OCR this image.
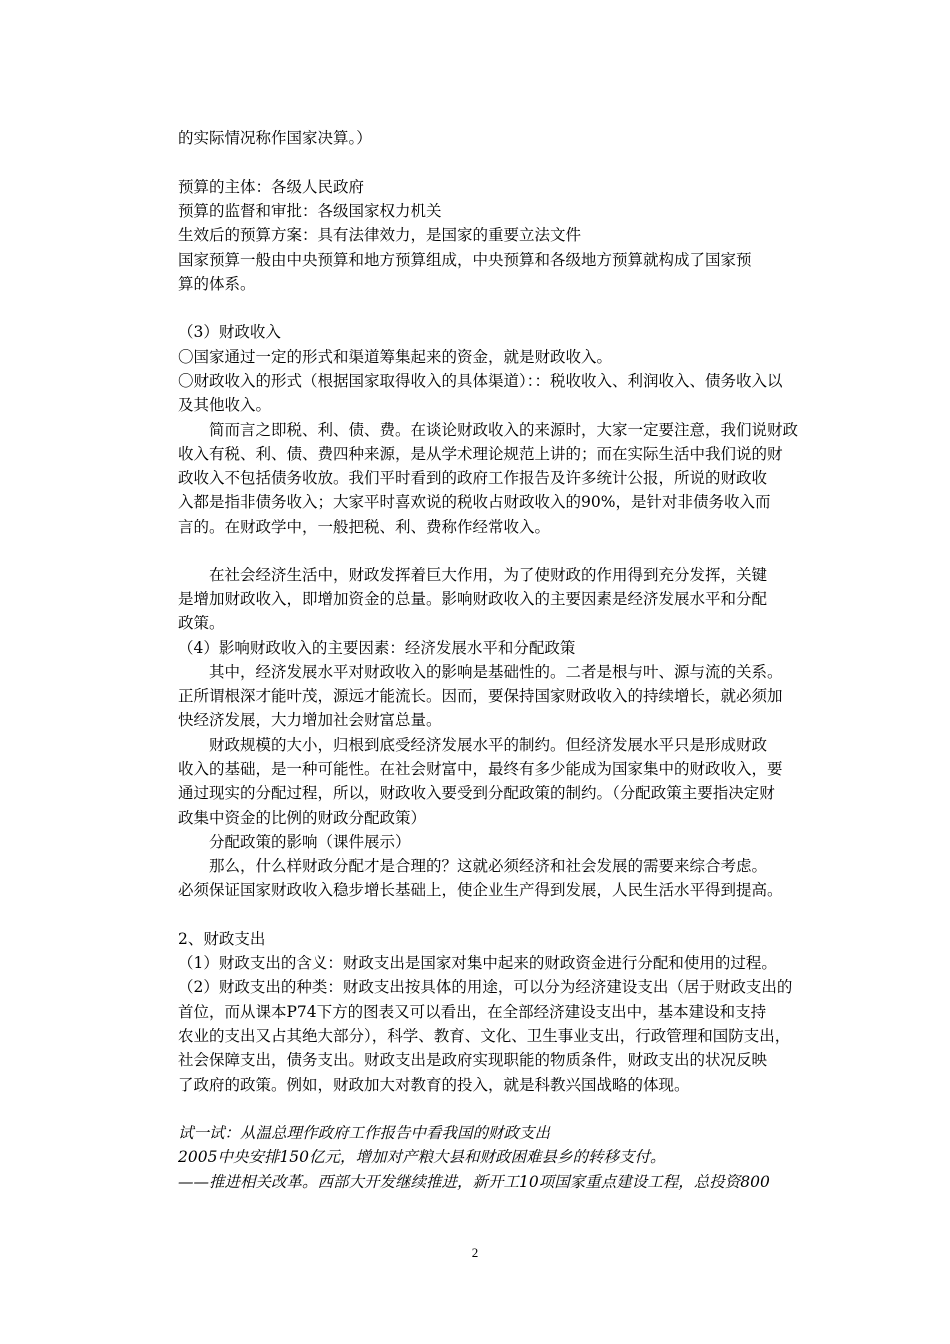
的实际情况称作国家决算。）
预算的主体：各级人民政府
预算的监督和审批：各级国家权力机关
生效后的预算方案：具有法律效力，是国家的重要立法文件
国家预算一般由中央预算和地方预算组成，中央预算和各级地方预算就构成了国家预
算的体系。
（3）财政收入
〇国家通过一定的形式和渠道筹集起来的资金，就是财政收入。
〇财政收入的形式（根据国家取得收入的具体渠道）：：税收收入、利润收入、债务收入以
及其他收入。
　　简而言之即税、利、债、费。在谈论财政收入的来源时，大家一定要注意，我们说财政
收入有税、利、债、费四种来源，是从学术理论规范上讲的；而在实际生活中我们说的财
政收入不包括债务收放。我们平时看到的政府工作报告及许多统计公报，所说的财政收
入都是指非债务收入；大家平时喜欢说的税收占财政收入的90%，是针对非债务收入而
言的。在财政学中，一般把税、利、费称作经常收入。
　　在社会经济生活中，财政发挥着巨大作用，为了使财政的作用得到充分发挥，关键
是增加财政收入，即增加资金的总量。影响财政收入的主要因素是经济发展水平和分配
政策。
（4）影响财政收入的主要因素：经济发展水平和分配政策
　　其中，经济发展水平对财政收入的影响是基础性的。二者是根与叶、源与流的关系。
正所谓根深才能叶茂，源远才能流长。因而，要保持国家财政收入的持续增长，就必须加
快经济发展，大力增加社会财富总量。
　　财政规模的大小，归根到底受经济发展水平的制约。但经济发展水平只是形成财政
收入的基础，是一种可能性。在社会财富中，最终有多少能成为国家集中的财政收入，要
通过现实的分配过程，所以，财政收入要受到分配政策的制约。（分配政策主要指决定财
政集中资金的比例的财政分配政策）
　　分配政策的影响（课件展示）
　　那么，什么样财政分配才是合理的？这就必须经济和社会发展的需要来综合考虑。
必须保证国家财政收入稳步增长基础上，使企业生产得到发展，人民生活水平得到提高。
2、财政支出
（1）财政支出的含义：财政支出是国家对集中起来的财政资金进行分配和使用的过程。
（2）财政支出的种类：财政支出按具体的用途，可以分为经济建设支出（居于财政支出的
首位，而从课本P74下方的图表又可以看出，在全部经济建设支出中，基本建设和支持
农业的支出又占其绝大部分），科学、教育、文化、卫生事业支出，行政管理和国防支出，
社会保障支出，债务支出。财政支出是政府实现职能的物质条件，财政支出的状况反映
了政府的政策。例如，财政加大对教育的投入，就是科教兴国战略的体现。
试一试：从温总理作政府工作报告中看我国的财政支出
2005中央安排150亿元，增加对产粮大县和财政困难县乡的转移支付。
——推进相关改革。西部大开发继续推进，新开工10项国家重点建设工程，总投资800
2
